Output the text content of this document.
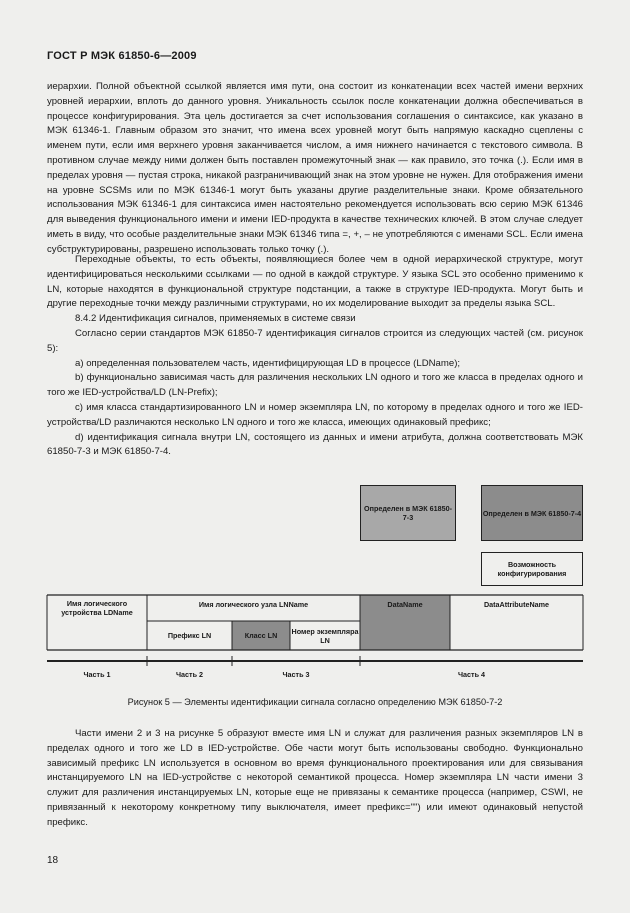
ГОСТ Р МЭК 61850-6—2009

иерархии. Полной объектной ссылкой является имя пути, она состоит из конкатенации всех частей имени верхних уровней иерархии, вплоть до данного уровня. Уникальность ссылок после конкатенации должна обеспечиваться в процессе конфигурирования. Эта цель достигается за счет использования соглашения о синтаксисе, как указано в МЭК 61346-1. Главным образом это значит, что имена всех уровней могут быть напрямую каскадно сцеплены с именем пути, если имя верхнего уровня заканчивается числом, а имя нижнего начинается с текстового символа. В противном случае между ними должен быть поставлен промежуточный знак — как правило, это точка (.). Если имя в пределах уровня — пустая строка, никакой разграничивающий знак на этом уровне не нужен. Для отображения имени на уровне SCSMs или по МЭК 61346-1 могут быть указаны другие разделительные знаки. Кроме обязательного использования МЭК 61346-1 для синтаксиса имен настоятельно рекомендуется использовать всю серию МЭК 61346 для выведения функционального имени и имени IED-продукта в качестве технических ключей. В этом случае следует иметь в виду, что особые разделительные знаки МЭК 61346 типа =, +, – не употребляются с именами SCL. Если имена субструктурированы, разрешено использовать только точку (.).

Переходные объекты, то есть объекты, появляющиеся более чем в одной иерархической структуре, могут идентифицироваться несколькими ссылками — по одной в каждой структуре. У языка SCL это особенно применимо к LN, которые находятся в функциональной структуре подстанции, а также в структуре IED-продукта. Могут быть и другие переходные точки между различными структурами, но их моделирование выходит за пределы языка SCL.

8.4.2 Идентификация сигналов, применяемых в системе связи

Согласно серии стандартов МЭК 61850-7 идентификация сигналов строится из следующих частей (см. рисунок 5):

a) определенная пользователем часть, идентифицирующая LD в процессе (LDName);

b) функционально зависимая часть для различения нескольких LN одного и того же класса в пределах одного и того же IED-устройства/LD (LN-Prefix);

c) имя класса стандартизированного LN и номер экземпляра LN, по которому в пределах одного и того же IED-устройства/LD различаются несколько LN одного и того же класса, имеющих одинаковый префикс;

d) идентификация сигнала внутри LN, состоящего из данных и имени атрибута, должна соответствовать МЭК 61850-7-3 и МЭК 61850-7-4.

Определен в МЭК 61850-7-3	Определен в МЭК 61850-7-4
Возможность конфигурирования
Имя логического устройства LDName
Имя логического узла LNName	DataName	DataAttributeName
Префикс LN	Класс LN	Номер экземпляра LN
Часть 1	Часть 2	Часть 3	Часть 4
Рисунок 5 — Элементы идентификации сигнала согласно определению МЭК 61850-7-2

Части имени 2 и 3 на рисунке 5 образуют вместе имя LN и служат для различения разных экземпляров LN в пределах одного и того же LD в IED-устройстве. Обе части могут быть использованы свободно. Функционально зависимый префикс LN используется в основном во время функционального проектирования или для связывания инстанцируемого LN на IED-устройстве с некоторой семантикой процесса. Номер экземпляра LN части имени 3 служит для различения инстанцируемых LN, которые еще не привязаны к семантике процесса (например, CSWI, не привязанный к некоторому конкретному типу выключателя, имеет префикс="") или имеют одинаковый непустой префикс.

18
